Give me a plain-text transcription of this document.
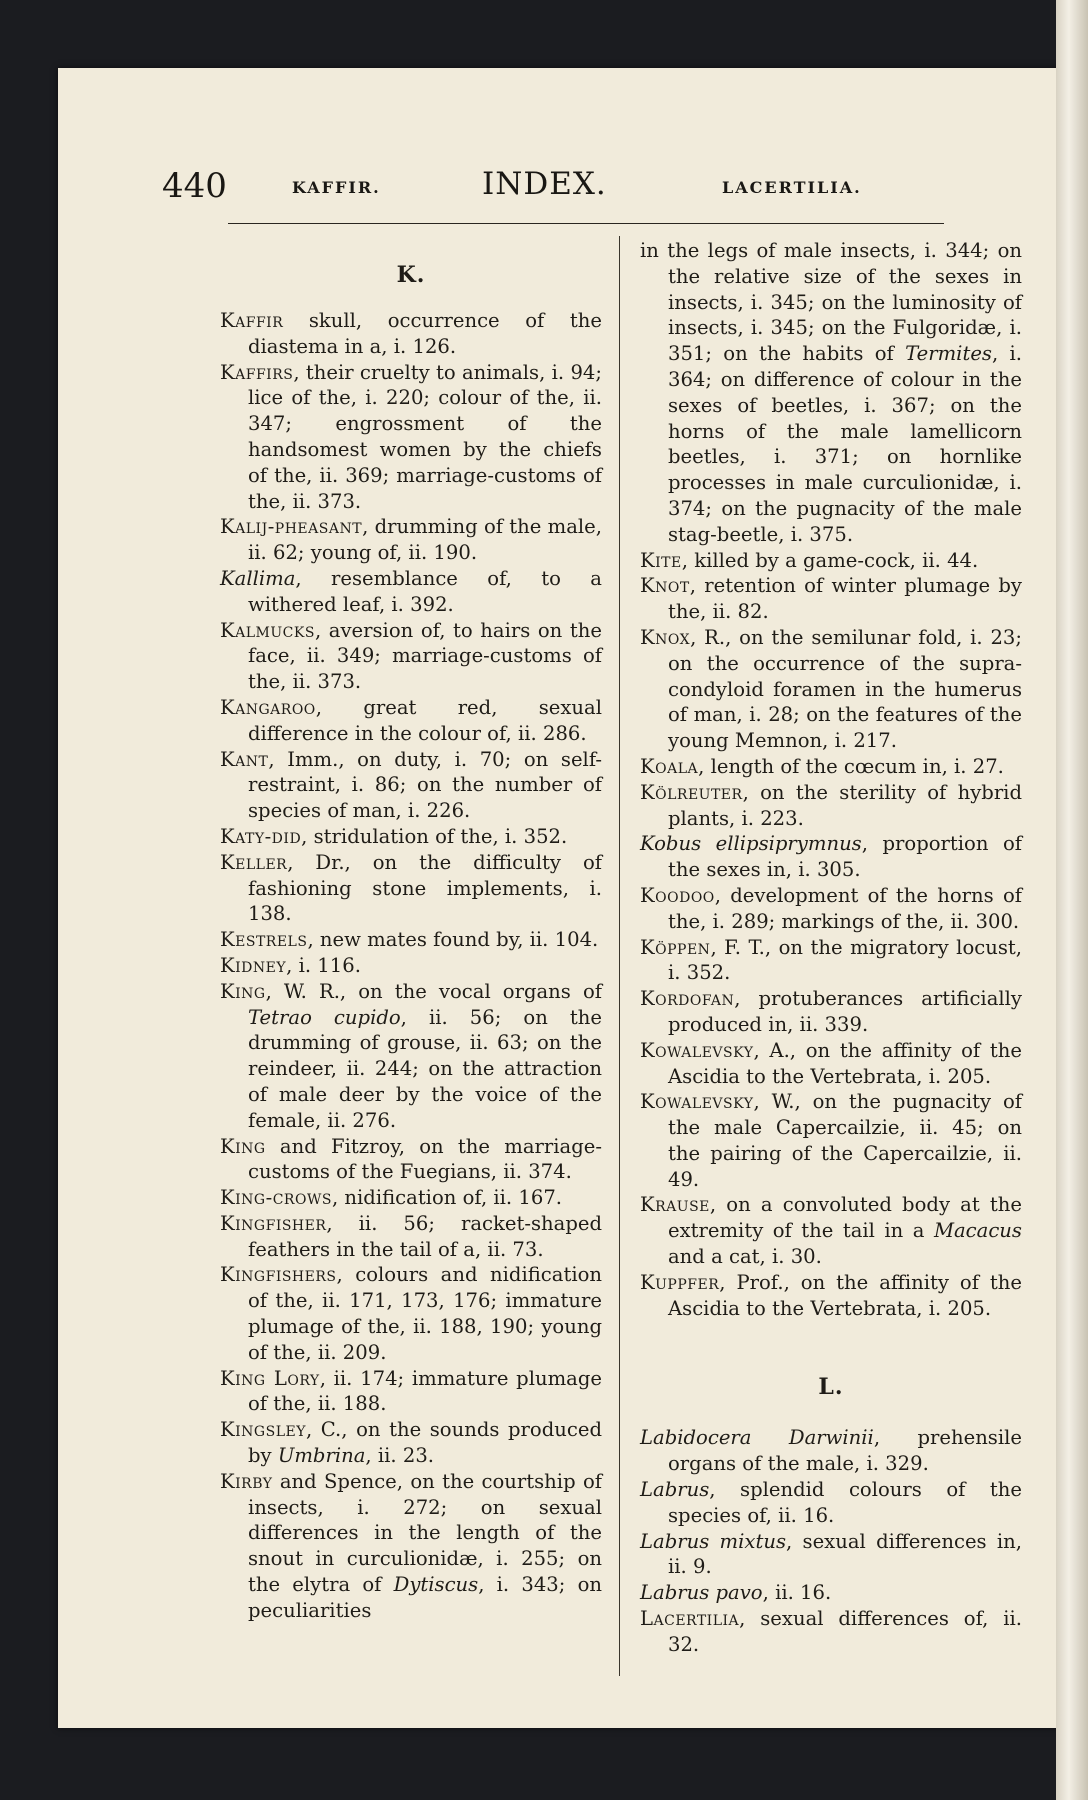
440	KAFFIR.	INDEX.	LACERTILIA.

K.

Kaffir skull, occurrence of the diastema in a, i. 126.

Kaffirs, their cruelty to animals, i. 94; lice of the, i. 220; colour of the, ii. 347; engrossment of the handsomest women by the chiefs of the, ii. 369; marriage-customs of the, ii. 373.

Kalij-pheasant, drumming of the male, ii. 62; young of, ii. 190.

Kallima, resemblance of, to a withered leaf, i. 392.

Kalmucks, aversion of, to hairs on the face, ii. 349; marriage-customs of the, ii. 373.

Kangaroo, great red, sexual difference in the colour of, ii. 286.

Kant, Imm., on duty, i. 70; on self-restraint, i. 86; on the number of species of man, i. 226.

Katy-did, stridulation of the, i. 352.

Keller, Dr., on the difficulty of fashioning stone implements, i. 138.

Kestrels, new mates found by, ii. 104.

Kidney, i. 116.

King, W. R., on the vocal organs of Tetrao cupido, ii. 56; on the drumming of grouse, ii. 63; on the reindeer, ii. 244; on the attraction of male deer by the voice of the female, ii. 276.

King and Fitzroy, on the marriage-customs of the Fuegians, ii. 374.

King-crows, nidification of, ii. 167.

Kingfisher, ii. 56; racket-shaped feathers in the tail of a, ii. 73.

Kingfishers, colours and nidification of the, ii. 171, 173, 176; immature plumage of the, ii. 188, 190; young of the, ii. 209.

King Lory, ii. 174; immature plumage of the, ii. 188.

Kingsley, C., on the sounds produced by Umbrina, ii. 23.

Kirby and Spence, on the courtship of insects, i. 272; on sexual differences in the length of the snout in curculionidæ, i. 255; on the elytra of Dytiscus, i. 343; on peculiarities

in the legs of male insects, i. 344; on the relative size of the sexes in insects, i. 345; on the luminosity of insects, i. 345; on the Fulgoridæ, i. 351; on the habits of Termites, i. 364; on difference of colour in the sexes of beetles, i. 367; on the horns of the male lamellicorn beetles, i. 371; on hornlike processes in male curculionidæ, i. 374; on the pugnacity of the male stag-beetle, i. 375.

Kite, killed by a game-cock, ii. 44.

Knot, retention of winter plumage by the, ii. 82.

Knox, R., on the semilunar fold, i. 23; on the occurrence of the supra-condyloid foramen in the humerus of man, i. 28; on the features of the young Memnon, i. 217.

Koala, length of the cœcum in, i. 27.

Kölreuter, on the sterility of hybrid plants, i. 223.

Kobus ellipsiprymnus, proportion of the sexes in, i. 305.

Koodoo, development of the horns of the, i. 289; markings of the, ii. 300.

Köppen, F. T., on the migratory locust, i. 352.

Kordofan, protuberances artificially produced in, ii. 339.

Kowalevsky, A., on the affinity of the Ascidia to the Vertebrata, i. 205.

Kowalevsky, W., on the pugnacity of the male Capercailzie, ii. 45; on the pairing of the Capercailzie, ii. 49.

Krause, on a convoluted body at the extremity of the tail in a Macacus and a cat, i. 30.

Kuppfer, Prof., on the affinity of the Ascidia to the Vertebrata, i. 205.

L.

Labidocera Darwinii, prehensile organs of the male, i. 329.

Labrus, splendid colours of the species of, ii. 16.

Labrus mixtus, sexual differences in, ii. 9.

Labrus pavo, ii. 16.

Lacertilia, sexual differences of, ii. 32.
